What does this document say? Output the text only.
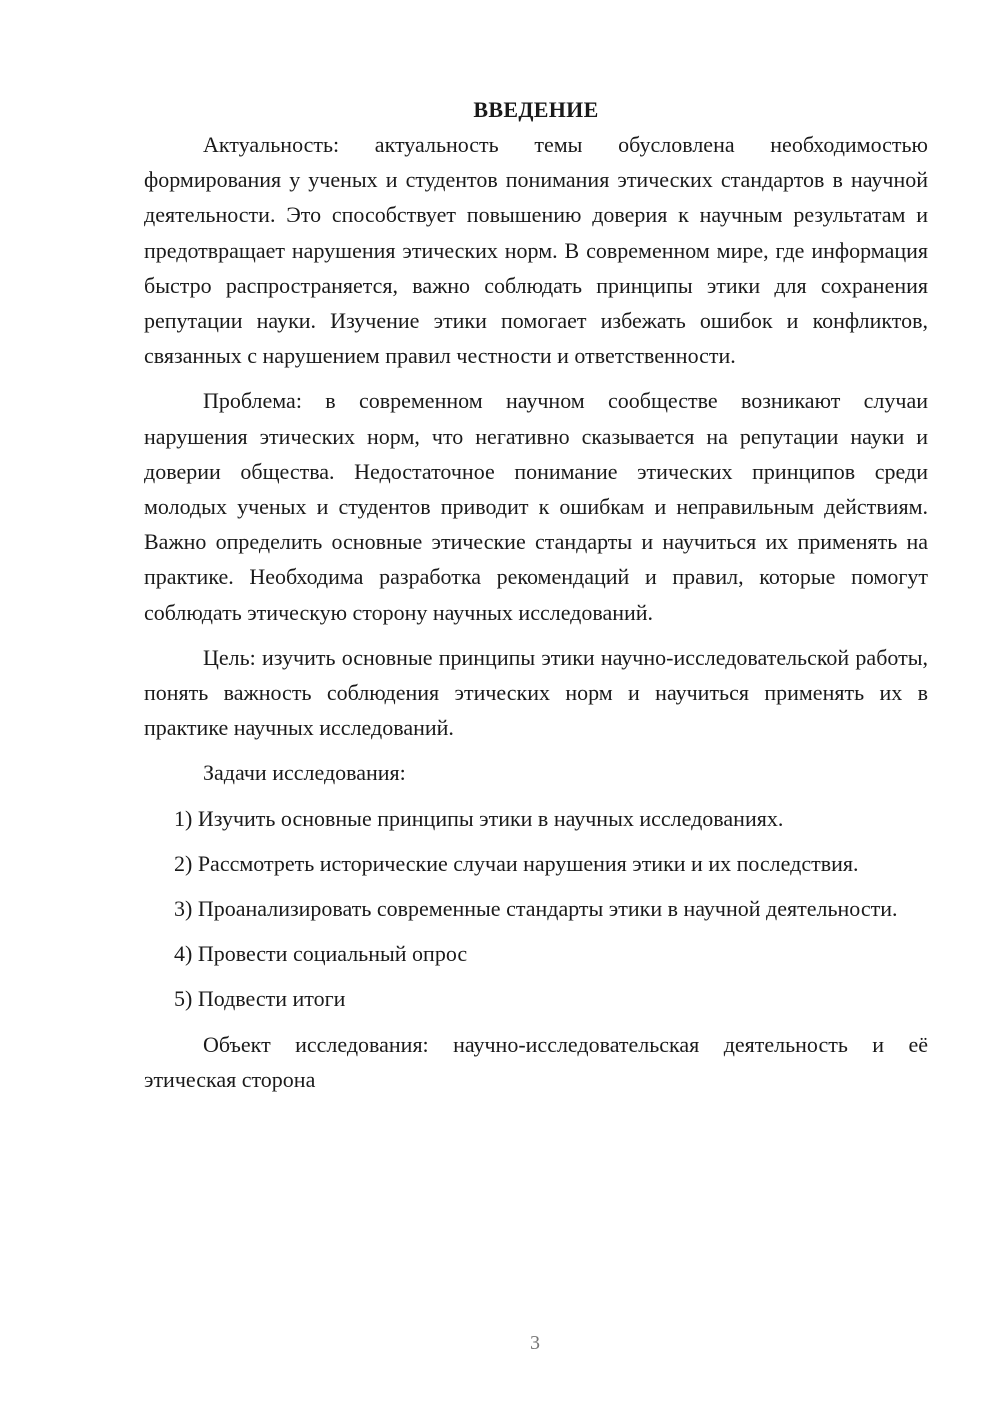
ВВЕДЕНИЕ

Актуальность: актуальность темы обусловлена необходимостью формирования у ученых и студентов понимания этических стандартов в научной деятельности. Это способствует повышению доверия к научным результатам и предотвращает нарушения этических норм. В современном мире, где информация быстро распространяется, важно соблюдать принципы этики для сохранения репутации науки. Изучение этики помогает избежать ошибок и конфликтов, связанных с нарушением правил честности и ответственности.

Проблема: в современном научном сообществе возникают случаи нарушения этических норм, что негативно сказывается на репутации науки и доверии общества. Недостаточное понимание этических принципов среди молодых ученых и студентов приводит к ошибкам и неправильным действиям. Важно определить основные этические стандарты и научиться их применять на практике. Необходима разработка рекомендаций и правил, которые помогут соблюдать этическую сторону научных исследований.

Цель: изучить основные принципы этики научно-исследовательской работы, понять важность соблюдения этических норм и научиться применять их в практике научных исследований.

Задачи исследования:

1) Изучить основные принципы этики в научных исследованиях.

2) Рассмотреть исторические случаи нарушения этики и их последствия.

3) Проанализировать современные стандарты этики в научной деятельности.

4) Провести социальный опрос

5) Подвести итоги

Объект исследования: научно-исследовательская деятельность и её этическая сторона

3
